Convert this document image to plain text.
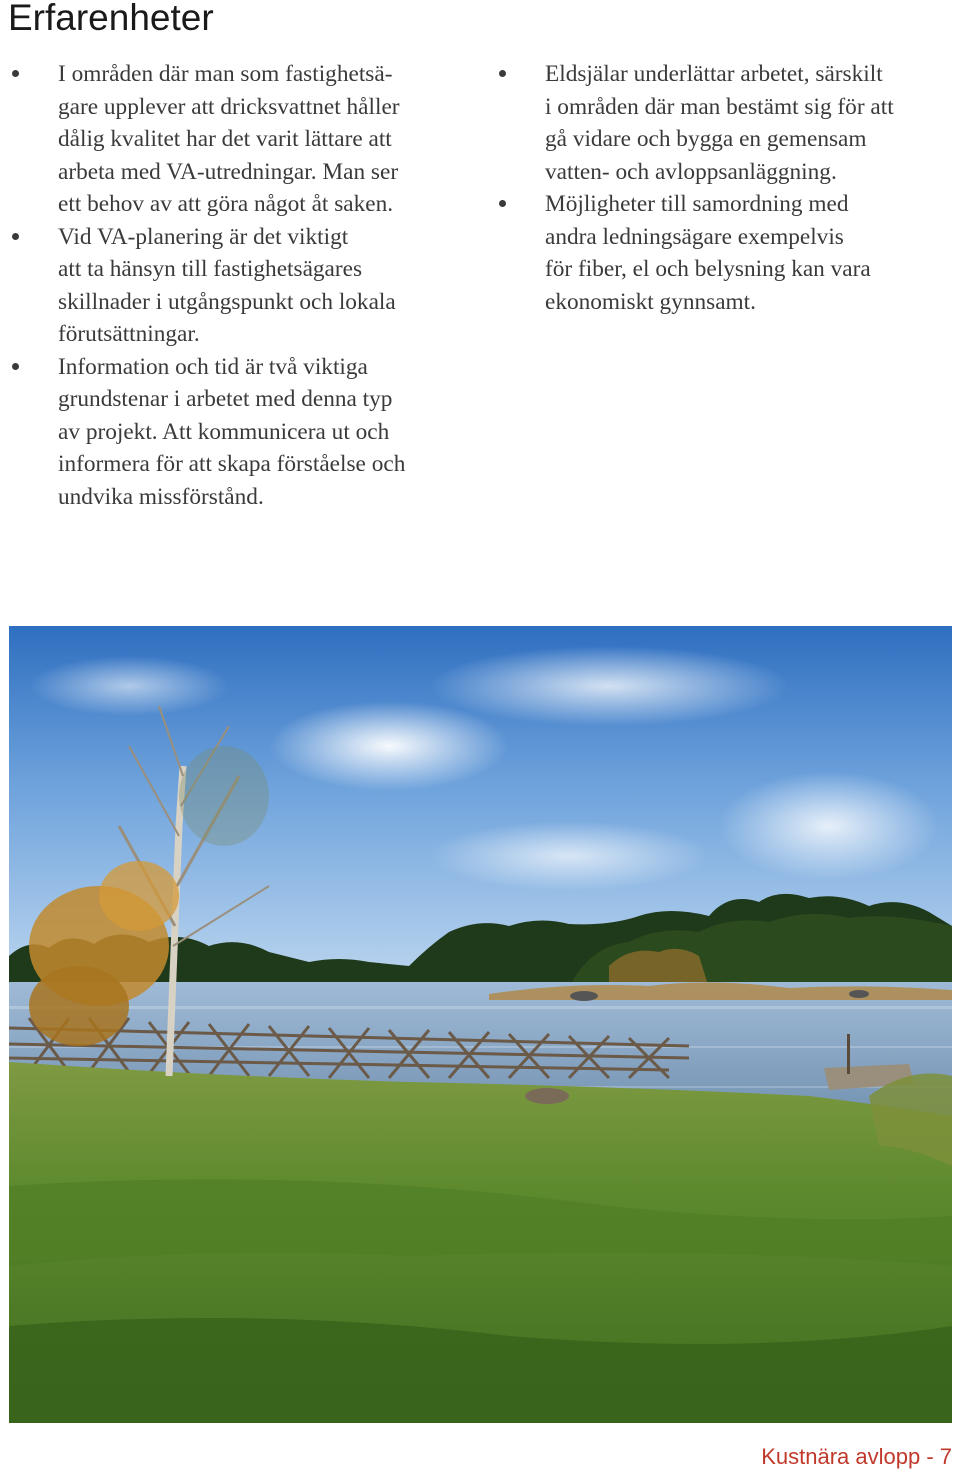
Erfarenheter
I områden där man som fastighetsä-
gare upplever att dricksvattnet håller
dålig kvalitet har det varit lättare att
arbeta med VA-utredningar. Man ser
ett behov av att göra något åt saken.
Vid VA-planering är det viktigt
att ta hänsyn till fastighetsägares
skillnader i utgångspunkt och lokala
förutsättningar.
Information och tid är två viktiga
grundstenar i arbetet med denna typ
av projekt. Att kommunicera ut och
informera för att skapa förståelse och
undvika missförstånd.
Eldsjälar underlättar arbetet, särskilt
i områden där man bestämt sig för att
gå vidare och bygga en gemensam
vatten- och avloppsanläggning.
Möjligheter till samordning med
andra ledningsägare exempelvis
för fiber, el och belysning kan vara
ekonomiskt gynnsamt.
Kustnära avlopp - 7
